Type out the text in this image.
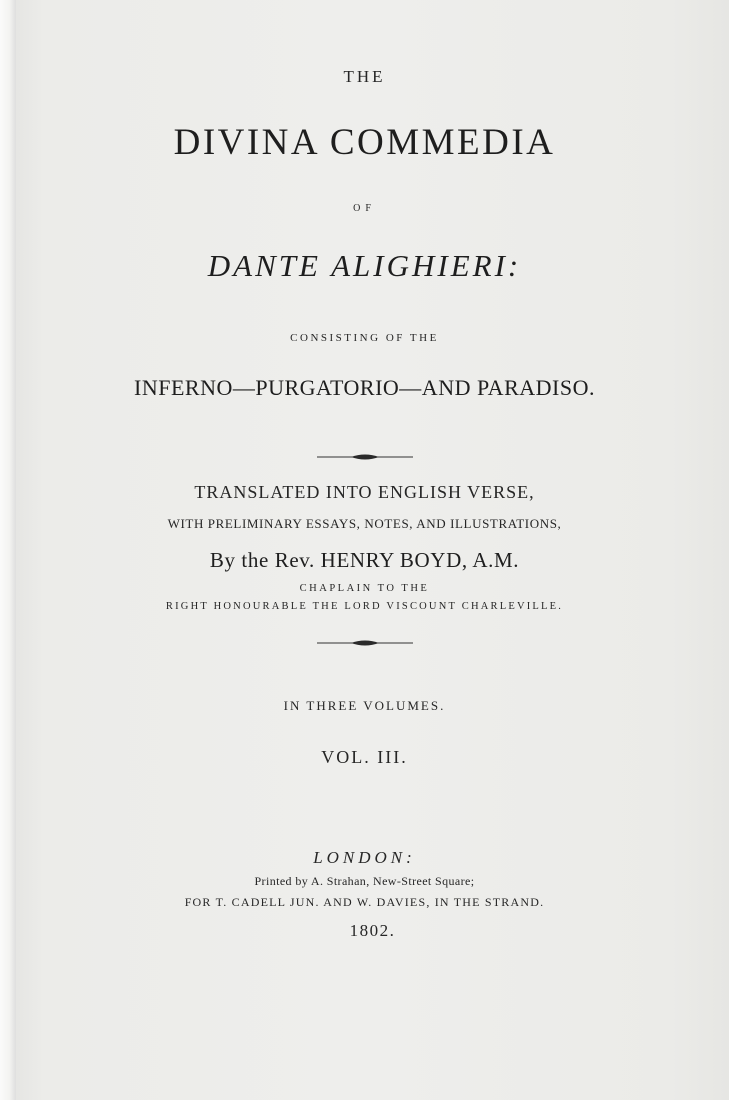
THE
DIVINA COMMEDIA
OF
DANTE ALIGHIERI:
CONSISTING OF THE
INFERNO—PURGATORIO—AND PARADISO.
TRANSLATED INTO ENGLISH VERSE,
WITH PRELIMINARY ESSAYS, NOTES, AND ILLUSTRATIONS,
By the Rev. HENRY BOYD, A.M.
CHAPLAIN TO THE
RIGHT HONOURABLE THE LORD VISCOUNT CHARLEVILLE.
IN THREE VOLUMES.
VOL. III.
LONDON:
Printed by A. Strahan, New-Street Square;
FOR T. CADELL JUN. AND W. DAVIES, IN THE STRAND.
1802.
